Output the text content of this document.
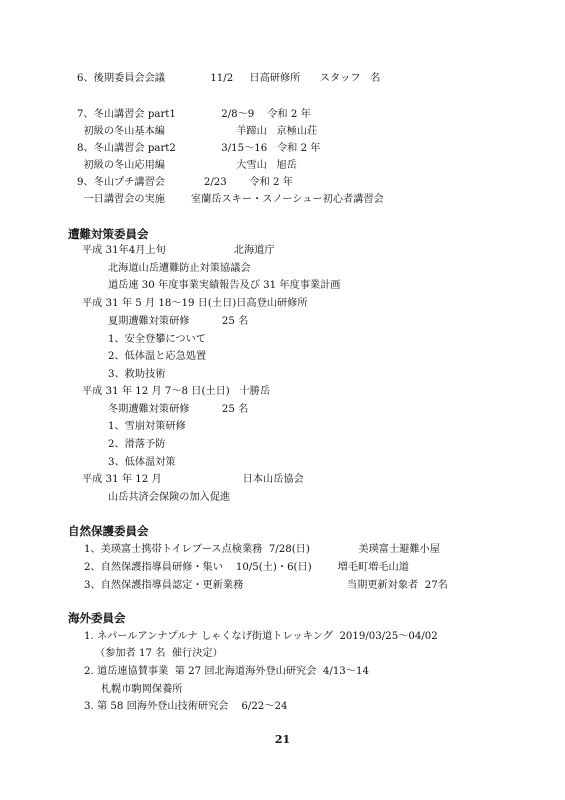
6、後期委員会会議              11/2     日高研修所      スタッフ   名
7、冬山講習会 part1              2/8～9    令和 2 年
初級の冬山基本編                      羊蹄山   京極山荘
8、冬山講習会 part2              3/15～16   令和 2 年
初級の冬山応用編                      大雪山   旭岳
9、冬山プチ講習会            2/23       令和 2 年
一日講習会の実施        室蘭岳スキー・スノーシュー初心者講習会
遭難対策委員会
平成 31年4月上旬                     北海道庁
北海道山岳遭難防止対策協議会
道岳連 30 年度事業実績報告及び 31 年度事業計画
平成 31 年 5 月 18～19 日(土日)日高登山研修所
夏期遭難対策研修          25 名
1、安全登攀について
2、低体温と応急処置
3、救助技術
平成 31 年 12 月 7～8 日(土日)   十勝岳
冬期遭難対策研修          25 名
1、雪崩対策研修
2、滑落予防
3、低体温対策
平成 31 年 12 月                         日本山岳協会
山岳共済会保険の加入促進
自然保護委員会
1、美瑛富士携帯トイレブース点検業務  7/28(日)               美瑛富士避難小屋
2、自然保護指導員研修・集い    10/5(土)・6(日)        増毛町増毛山道
3、自然保護指導員認定・更新業務                                当期更新対象者  27名
海外委員会
1. ネパールアンナプルナ しゃくなげ街道トレッキング  2019/03/25～04/02
（参加者 17 名  催行決定）
2. 道岳連協賛事業  第 27 回北海道海外登山研究会  4/13～14
札幌市駒岡保養所
3. 第 58 回海外登山技術研究会    6/22～24
21
